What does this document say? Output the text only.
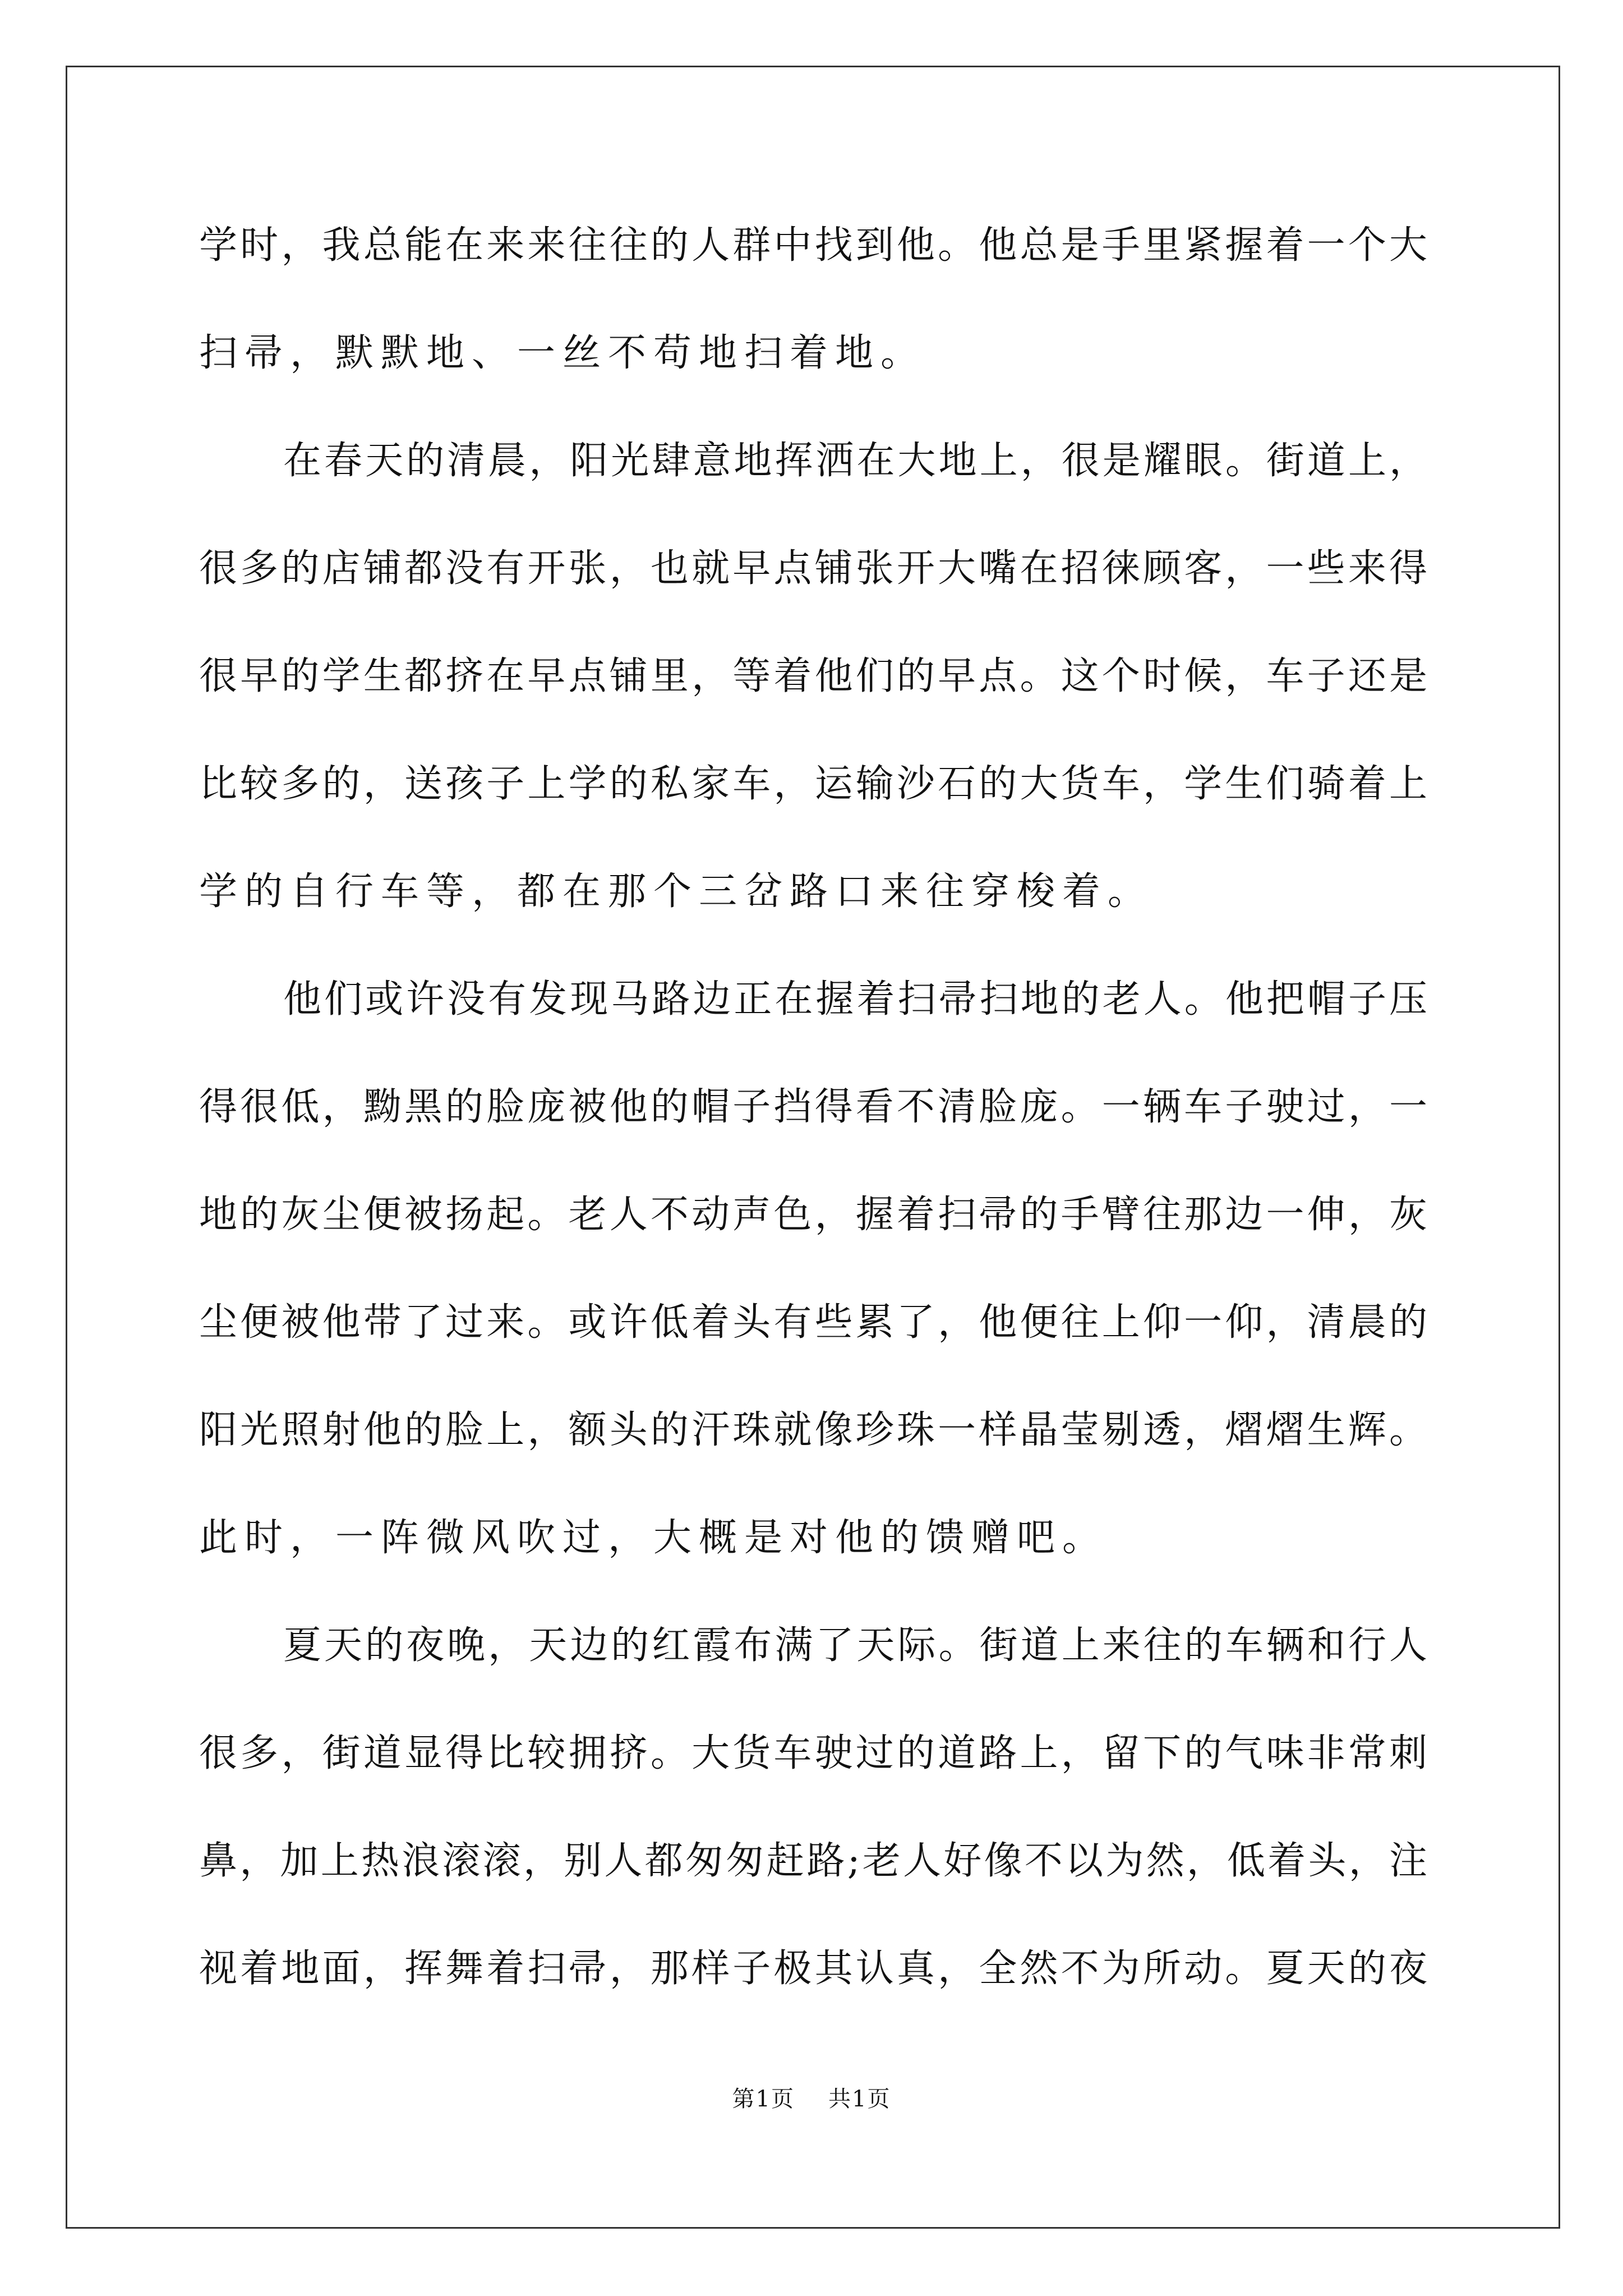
学时，我总能在来来往往的人群中找到他。他总是手里紧握着一个大
扫帚，默默地、一丝不苟地扫着地。
在春天的清晨，阳光肆意地挥洒在大地上，很是耀眼。街道上，
很多的店铺都没有开张，也就早点铺张开大嘴在招徕顾客，一些来得
很早的学生都挤在早点铺里，等着他们的早点。这个时候，车子还是
比较多的，送孩子上学的私家车，运输沙石的大货车，学生们骑着上
学的自行车等，都在那个三岔路口来往穿梭着。
他们或许没有发现马路边正在握着扫帚扫地的老人。他把帽子压
得很低，黝黑的脸庞被他的帽子挡得看不清脸庞。一辆车子驶过，一
地的灰尘便被扬起。老人不动声色，握着扫帚的手臂往那边一伸，灰
尘便被他带了过来。或许低着头有些累了，他便往上仰一仰，清晨的
阳光照射他的脸上，额头的汗珠就像珍珠一样晶莹剔透，熠熠生辉。
此时，一阵微风吹过，大概是对他的馈赠吧。
夏天的夜晚，天边的红霞布满了天际。街道上来往的车辆和行人
很多，街道显得比较拥挤。大货车驶过的道路上，留下的气味非常刺
鼻，加上热浪滚滚，别人都匆匆赶路;老人好像不以为然，低着头，注
视着地面，挥舞着扫帚，那样子极其认真，全然不为所动。夏天的夜
第1页 共1页
